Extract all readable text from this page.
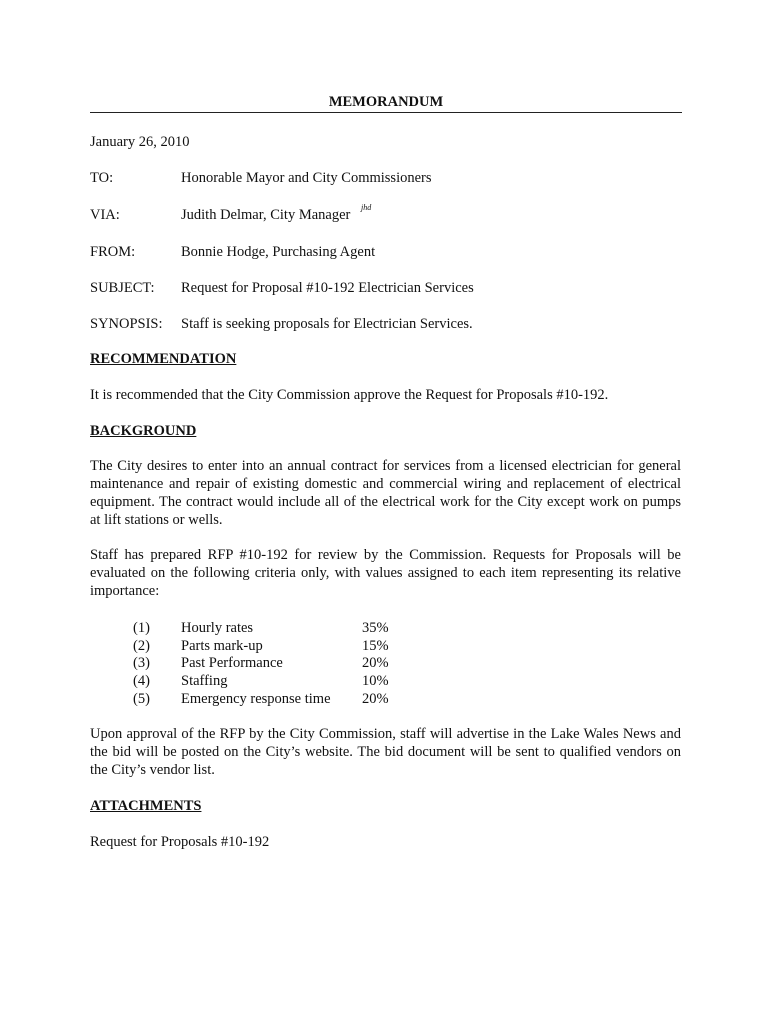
MEMORANDUM
January 26, 2010
TO:	Honorable Mayor and City Commissioners
VIA:	Judith Delmar, City Manager jhd
FROM:	Bonnie Hodge, Purchasing Agent
SUBJECT: Request for Proposal #10-192 Electrician Services
SYNOPSIS: Staff is seeking proposals for Electrician Services.
RECOMMENDATION

It is recommended that the City Commission approve the Request for Proposals #10-192.

BACKGROUND

The City desires to enter into an annual contract for services from a licensed electrician for general maintenance and repair of existing domestic and commercial wiring and replacement of electrical equipment. The contract would include all of the electrical work for the City except work on pumps at lift stations or wells.

Staff has prepared RFP #10-192 for review by the Commission. Requests for Proposals will be evaluated on the following criteria only, with values assigned to each item representing its relative importance:

(1) Hourly rates	35%
(2) Parts mark-up	15%
(3) Past Performance	20%
(4) Staffing	10%
(5) Emergency response time 20%

Upon approval of the RFP by the City Commission, staff will advertise in the Lake Wales News and the bid will be posted on the City’s website. The bid document will be sent to qualified vendors on the City’s vendor list.

ATTACHMENTS
Request for Proposals #10-192
